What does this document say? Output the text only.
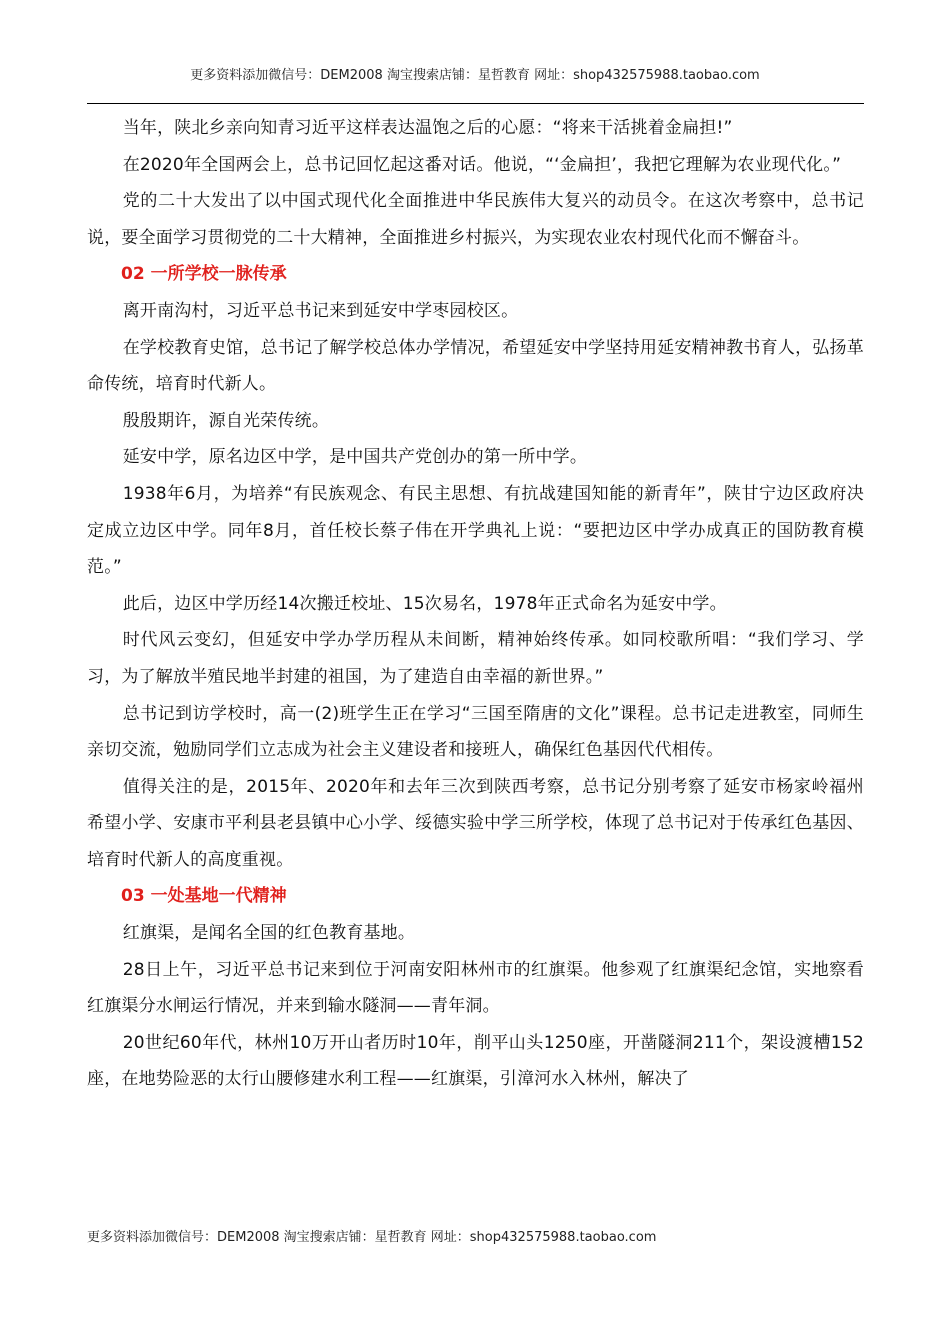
更多资料添加微信号：DEM2008 淘宝搜索店铺：星哲教育 网址：shop432575988.taobao.com

当年，陕北乡亲向知青习近平这样表达温饱之后的心愿：“将来干活挑着金扁担!”

在2020年全国两会上，总书记回忆起这番对话。他说，“‘金扁担’，我把它理解为农业现代化。”

党的二十大发出了以中国式现代化全面推进中华民族伟大复兴的动员令。在这次考察中，总书记说，要全面学习贯彻党的二十大精神，全面推进乡村振兴，为实现农业农村现代化而不懈奋斗。

02 一所学校一脉传承

离开南沟村，习近平总书记来到延安中学枣园校区。

在学校教育史馆，总书记了解学校总体办学情况，希望延安中学坚持用延安精神教书育人，弘扬革命传统，培育时代新人。

殷殷期许，源自光荣传统。

延安中学，原名边区中学，是中国共产党创办的第一所中学。

1938年6月，为培养“有民族观念、有民主思想、有抗战建国知能的新青年”，陕甘宁边区政府决定成立边区中学。同年8月，首任校长蔡子伟在开学典礼上说：“要把边区中学办成真正的国防教育模范。”

此后，边区中学历经14次搬迁校址、15次易名，1978年正式命名为延安中学。

时代风云变幻，但延安中学办学历程从未间断，精神始终传承。如同校歌所唱：“我们学习、学习，为了解放半殖民地半封建的祖国，为了建造自由幸福的新世界。”

总书记到访学校时，高一(2)班学生正在学习“三国至隋唐的文化”课程。总书记走进教室，同师生亲切交流，勉励同学们立志成为社会主义建设者和接班人，确保红色基因代代相传。

值得关注的是，2015年、2020年和去年三次到陕西考察，总书记分别考察了延安市杨家岭福州希望小学、安康市平利县老县镇中心小学、绥德实验中学三所学校，体现了总书记对于传承红色基因、培育时代新人的高度重视。

03 一处基地一代精神

红旗渠，是闻名全国的红色教育基地。

28日上午，习近平总书记来到位于河南安阳林州市的红旗渠。他参观了红旗渠纪念馆，实地察看红旗渠分水闸运行情况，并来到输水隧洞——青年洞。

20世纪60年代，林州10万开山者历时10年，削平山头1250座，开凿隧洞211个，架设渡槽152座，在地势险恶的太行山腰修建水利工程——红旗渠，引漳河水入林州，解决了

更多资料添加微信号：DEM2008 淘宝搜索店铺：星哲教育 网址：shop432575988.taobao.com
